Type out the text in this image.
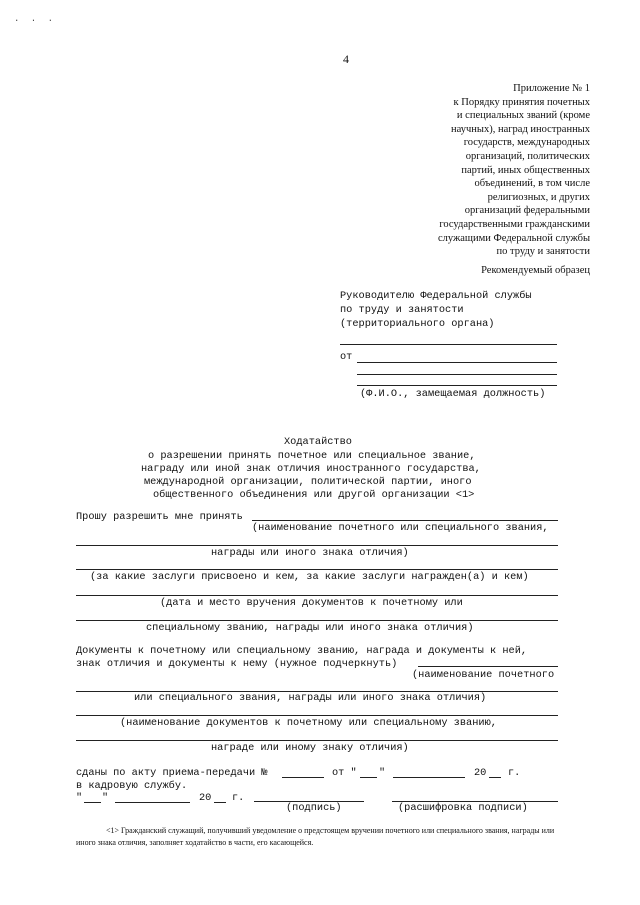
. . .
4
Приложение № 1
к Порядку принятия почетных
и специальных званий (кроме
научных), наград иностранных
государств, международных
организаций, политических
партий, иных общественных
объединений, в том числе
религиозных, и других
организаций федеральными
государственными гражданскими
служащими Федеральной службы
по труду и занятости
Рекомендуемый образец
Руководителю Федеральной службы
по труду и занятости
(территориального органа)
от
(Ф.И.О., замещаемая должность)
Ходатайство
о разрешении принять почетное или специальное звание,
награду или иной знак отличия иностранного государства,
международной организации, политической партии, иного
общественного объединения или другой организации <1>
Прошу разрешить мне принять
(наименование почетного или специального звания,
награды или иного знака отличия)
(за какие заслуги присвоено и кем, за какие заслуги награжден(а) и кем)
(дата и место вручения документов к почетному или
специальному званию, награды или иного знака отличия)
Документы к почетному или специальному званию, награда и документы к ней,
знак отличия и документы к нему (нужное подчеркнуть)
(наименование почетного
или специального звания, награды или иного знака отличия)
(наименование документов к почетному или специальному званию,
награде или иному знаку отличия)
сданы по акту приема-передачи №	от " "	20 г.
в кадровую службу.
" "	20 г.
(подпись)	(расшифровка подписи)
<1> Гражданский служащий, получивший уведомление о предстоящем вручении почетного или специального звания, награды или
иного знака отличия, заполняет ходатайство в части, его касающейся.
